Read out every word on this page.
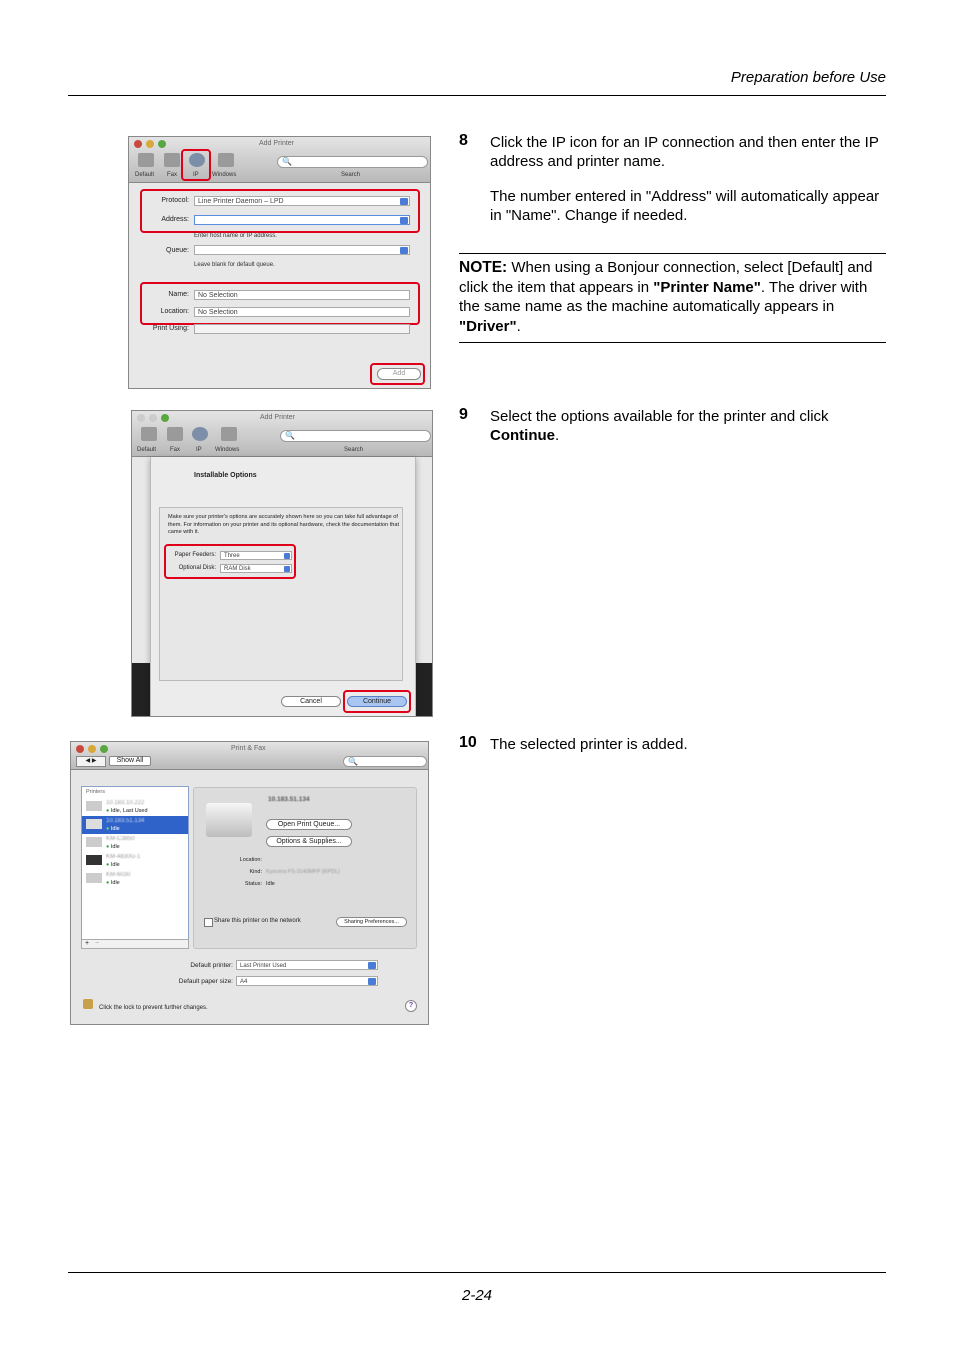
Preparation before Use
Add Printer
Default Fax	IP Windows
🔍
Search
Protocol:	Line Printer Daemon – LPD
Address:
Enter host name or IP address.
Queue:
Leave blank for default queue.
Name:	No Selection
Location:	No Selection
Print Using:
Add
8 Click the IP icon for an IP connection and then enter the IP address and printer name.
The number entered in "Address" will automatically appear in "Name". Change if needed.
NOTE: When using a Bonjour connection, select [Default] and click the item that appears in "Printer Name". The driver with the same name as the machine automatically appears in "Driver".
Add Printer
Default Fax	IP Windows
🔍
Search
Installable Options
Make sure your printer's options are accurately shown here so you can take full advantage of them. For information on your printer and its optional hardware, check the documentation that came with it.
Paper Feeders:	Three
Optional Disk:	RAM Disk
Cancel	Continue
9 Select the options available for the printer and click Continue.
Print & Fax
◀ ▶	Show All	🔍
Printers
10.183.10.222
● Idle, Last Used
10.183.51.134
● Idle
KM-C3850
● Idle
KM-4830G-1
● Idle
KM-6030
● Idle
+ −
10.183.51.134
Open Print Queue...
Options & Supplies...
Location:
Kind: Kyocera FS-3140MFP (KPDL)
Status: Idle
Share this printer on the network	Sharing Preferences...
Default printer:	Last Printer Used
Default paper size:	A4
Click the lock to prevent further changes.	?
10 The selected printer is added.
2-24
